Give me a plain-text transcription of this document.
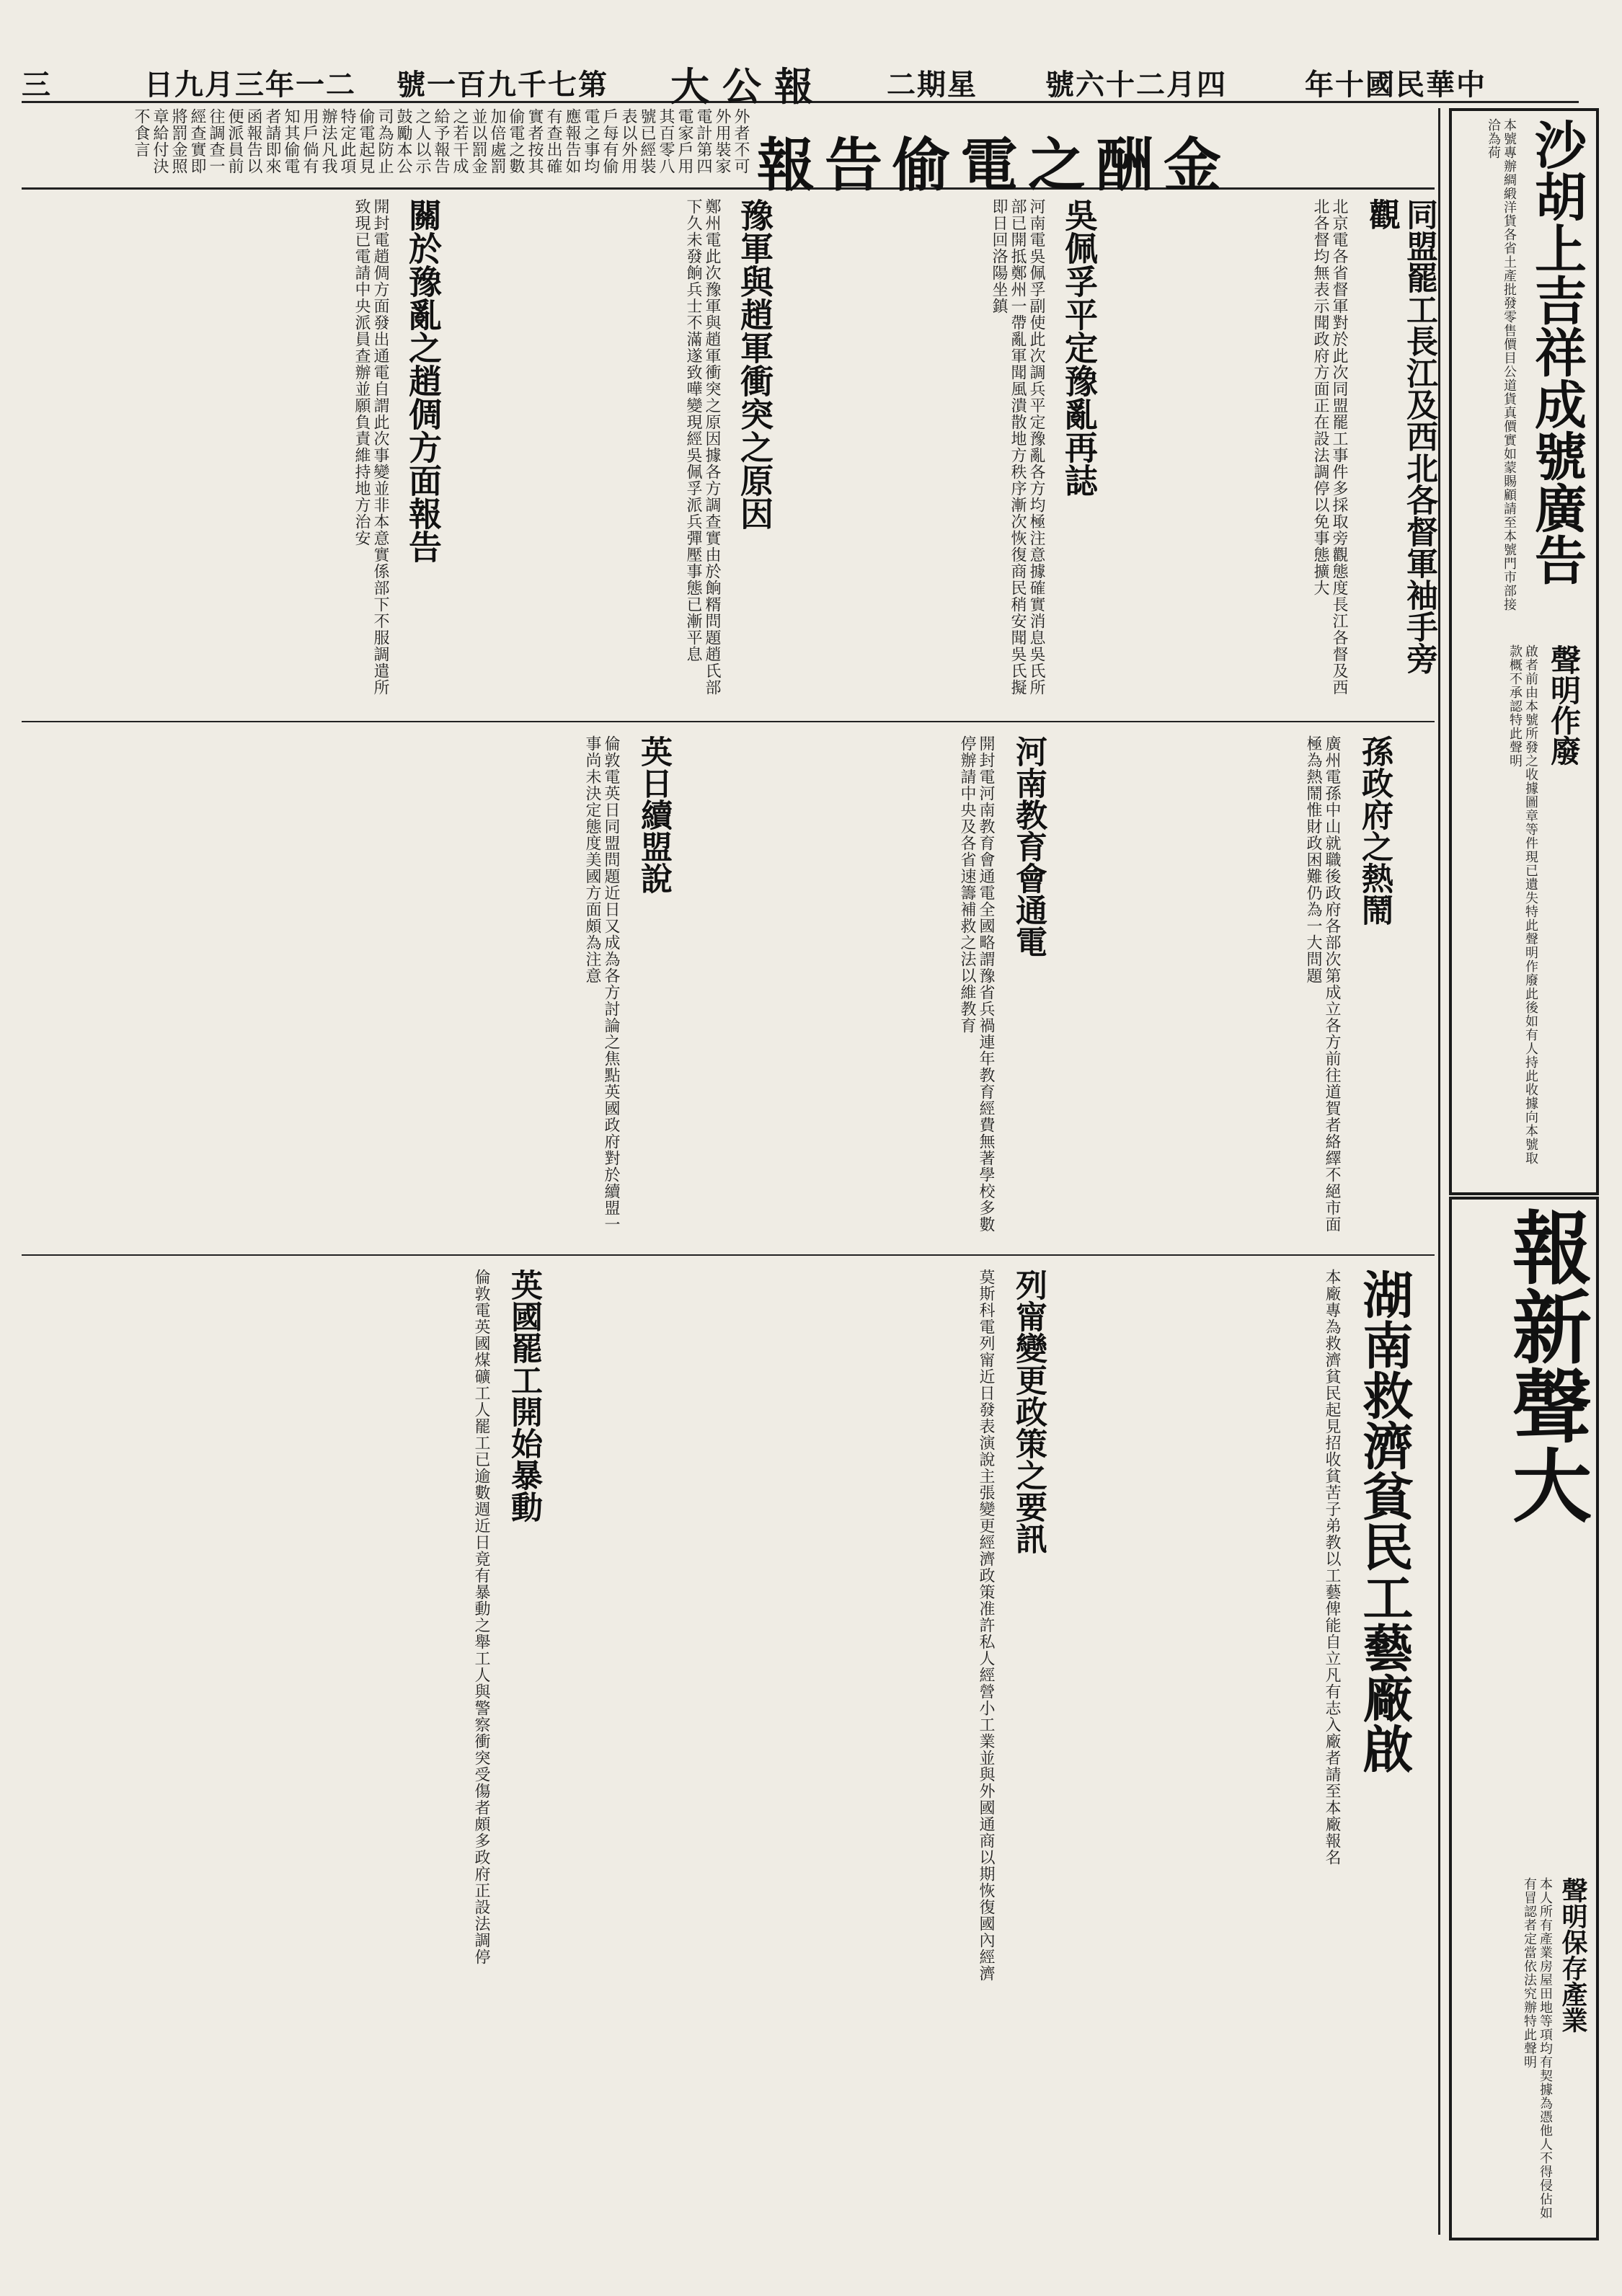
三	日九月三年一二 號一百九千七第 大公報 二期星 號六十二月四	年十國民華中
沙胡上吉祥成號廣告
本號專辦綢緞洋貨各省土產批發零售價目公道貨真價實如蒙賜顧請至本號門市部接洽為荷
聲明作廢
啟者前由本號所發之收據圖章等件現已遺失特此聲明作廢此後如有人持此收據向本號取款概不承認特此聲明
報新聲大
聲明保存產業
本人所有產業房屋田地等項均有契據為憑他人不得侵佔如有冒認者定當依法究辦特此聲明
報告偷電之酬金
外者不可外用裝家電計第四電家戶用其百零八號已經裝表以外用戶每有偷電之事均應報告如有查出確實者按其偷電之數加倍處罰並以罰金之若干成給予報告之人以示鼓勵本公司為防止偷電起見特定此項辦法凡我用戶倘有知其偷電者請即來函報告以便派員前往調查一經查實即將罰金照章給付決不食言
同盟罷工長江及西北各督軍袖手旁觀
北京電各省督軍對於此次同盟罷工事件多採取旁觀態度長江各督及西北各督均無表示聞政府方面正在設法調停以免事態擴大
吳佩孚平定豫亂再誌
河南電吳佩孚副使此次調兵平定豫亂各方均極注意據確實消息吳氏所部已開抵鄭州一帶亂軍聞風潰散地方秩序漸次恢復商民稍安聞吳氏擬即日回洛陽坐鎮
豫軍與趙軍衝突之原因
鄭州電此次豫軍與趙軍衝突之原因據各方調查實由於餉糈問題趙氏部下久未發餉兵士不滿遂致嘩變現經吳佩孚派兵彈壓事態已漸平息
關於豫亂之趙倜方面報告
開封電趙倜方面發出通電自謂此次事變並非本意實係部下不服調遣所致現已電請中央派員查辦並願負責維持地方治安
孫政府之熱鬧
廣州電孫中山就職後政府各部次第成立各方前往道賀者絡繹不絕市面極為熱鬧惟財政困難仍為一大問題
河南教育會通電
開封電河南教育會通電全國略謂豫省兵禍連年教育經費無著學校多數停辦請中央及各省速籌補救之法以維教育
英日續盟說
倫敦電英日同盟問題近日又成為各方討論之焦點英國政府對於續盟一事尚未決定態度美國方面頗為注意
湖南救濟貧民工藝廠啟
本廠專為救濟貧民起見招收貧苦子弟教以工藝俾能自立凡有志入廠者請至本廠報名
列甯變更政策之要訊
莫斯科電列甯近日發表演說主張變更經濟政策准許私人經營小工業並與外國通商以期恢復國內經濟
英國罷工開始暴動
倫敦電英國煤礦工人罷工已逾數週近日竟有暴動之舉工人與警察衝突受傷者頗多政府正設法調停
